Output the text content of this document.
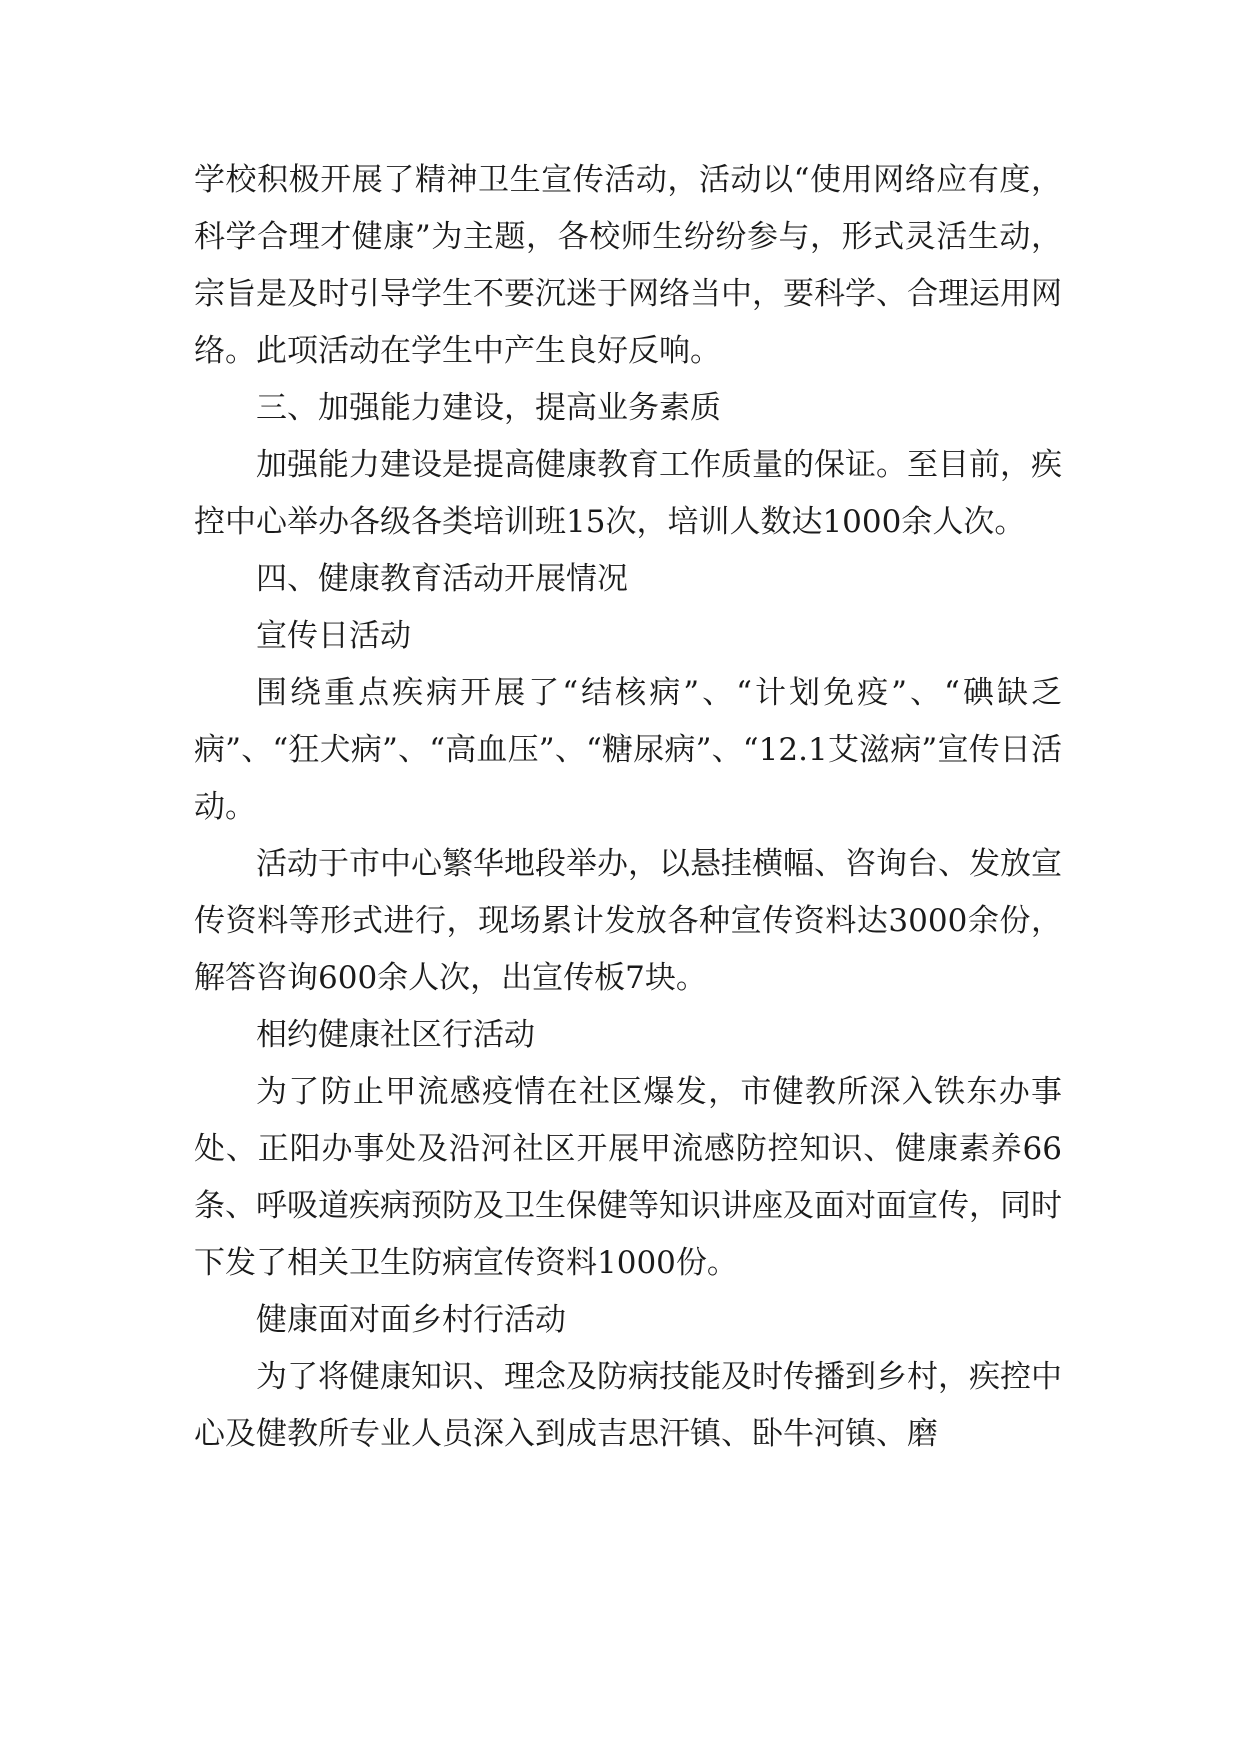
学校积极开展了精神卫生宣传活动，活动以“使用网络应有度，科学合理才健康”为主题，各校师生纷纷参与，形式灵活生动，宗旨是及时引导学生不要沉迷于网络当中，要科学、合理运用网络。此项活动在学生中产生良好反响。

三、加强能力建设，提高业务素质

加强能力建设是提高健康教育工作质量的保证。至目前，疾控中心举办各级各类培训班15次，培训人数达1000余人次。

四、健康教育活动开展情况

宣传日活动

围绕重点疾病开展了“结核病”、“计划免疫”、“碘缺乏病”、“狂犬病”、“高血压”、“糖尿病”、“12.1艾滋病”宣传日活动。

活动于市中心繁华地段举办，以悬挂横幅、咨询台、发放宣传资料等形式进行，现场累计发放各种宣传资料达3000余份，解答咨询600余人次，出宣传板7块。

相约健康社区行活动

为了防止甲流感疫情在社区爆发，市健教所深入铁东办事处、正阳办事处及沿河社区开展甲流感防控知识、健康素养66条、呼吸道疾病预防及卫生保健等知识讲座及面对面宣传，同时下发了相关卫生防病宣传资料1000份。

健康面对面乡村行活动

为了将健康知识、理念及防病技能及时传播到乡村，疾控中心及健教所专业人员深入到成吉思汗镇、卧牛河镇、磨
